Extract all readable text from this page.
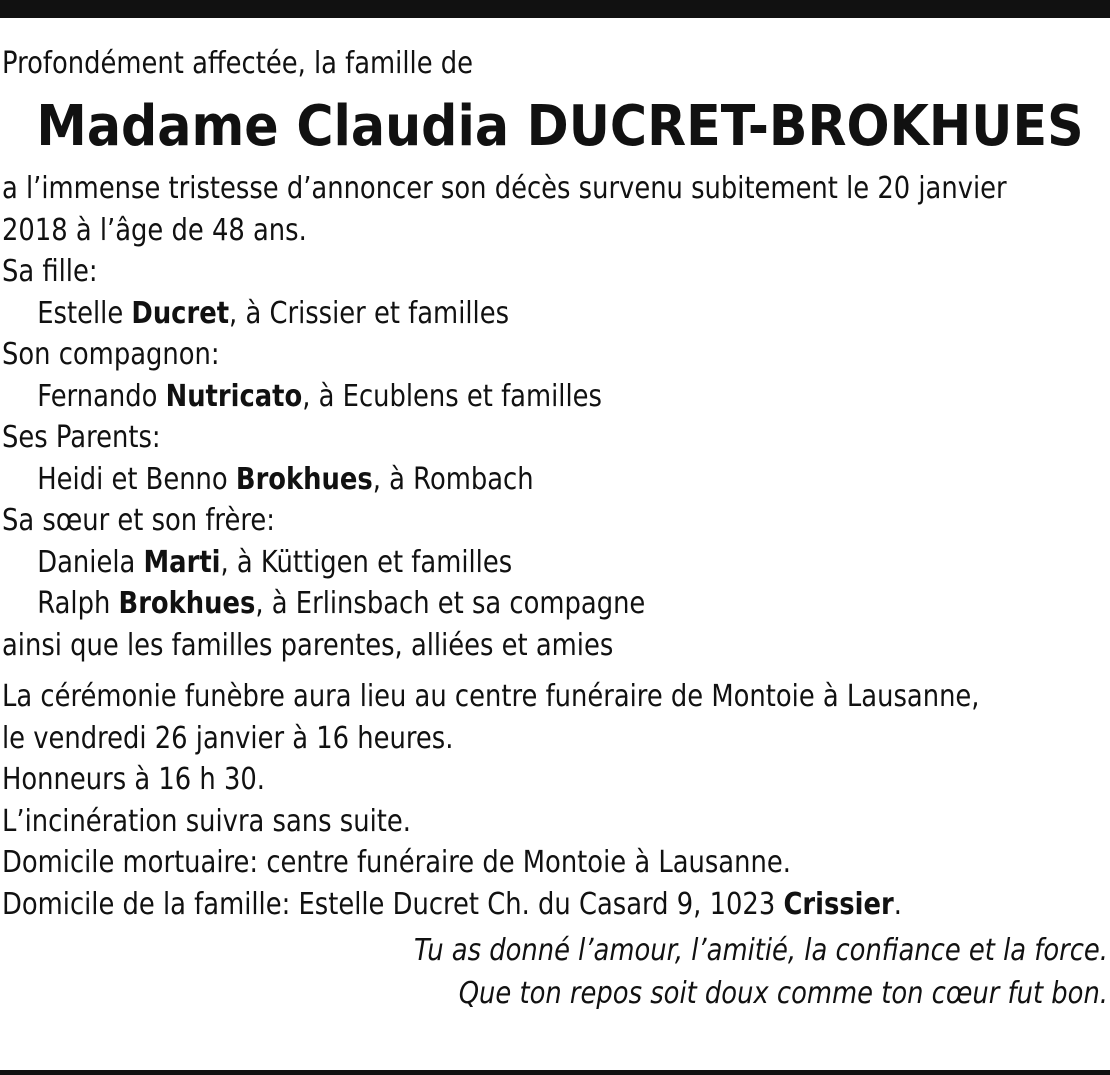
Profondément affectée, la famille de
Madame Claudia DUCRET-BROKHUES
a l’immense tristesse d’annoncer son décès survenu subitement le 20 janvier
2018 à l’âge de 48 ans.
Sa fille:
Estelle Ducret, à Crissier et familles
Son compagnon:
Fernando Nutricato, à Ecublens et familles
Ses Parents:
Heidi et Benno Brokhues, à Rombach
Sa sœur et son frère:
Daniela Marti, à Küttigen et familles
Ralph Brokhues, à Erlinsbach et sa compagne
ainsi que les familles parentes, alliées et amies
La cérémonie funèbre aura lieu au centre funéraire de Montoie à Lausanne,
le vendredi 26 janvier à 16 heures.
Honneurs à 16 h 30.
L’incinération suivra sans suite.
Domicile mortuaire: centre funéraire de Montoie à Lausanne.
Domicile de la famille: Estelle Ducret Ch. du Casard 9, 1023 Crissier.
Tu as donné l’amour, l’amitié, la confiance et la force.
Que ton repos soit doux comme ton cœur fut bon.
